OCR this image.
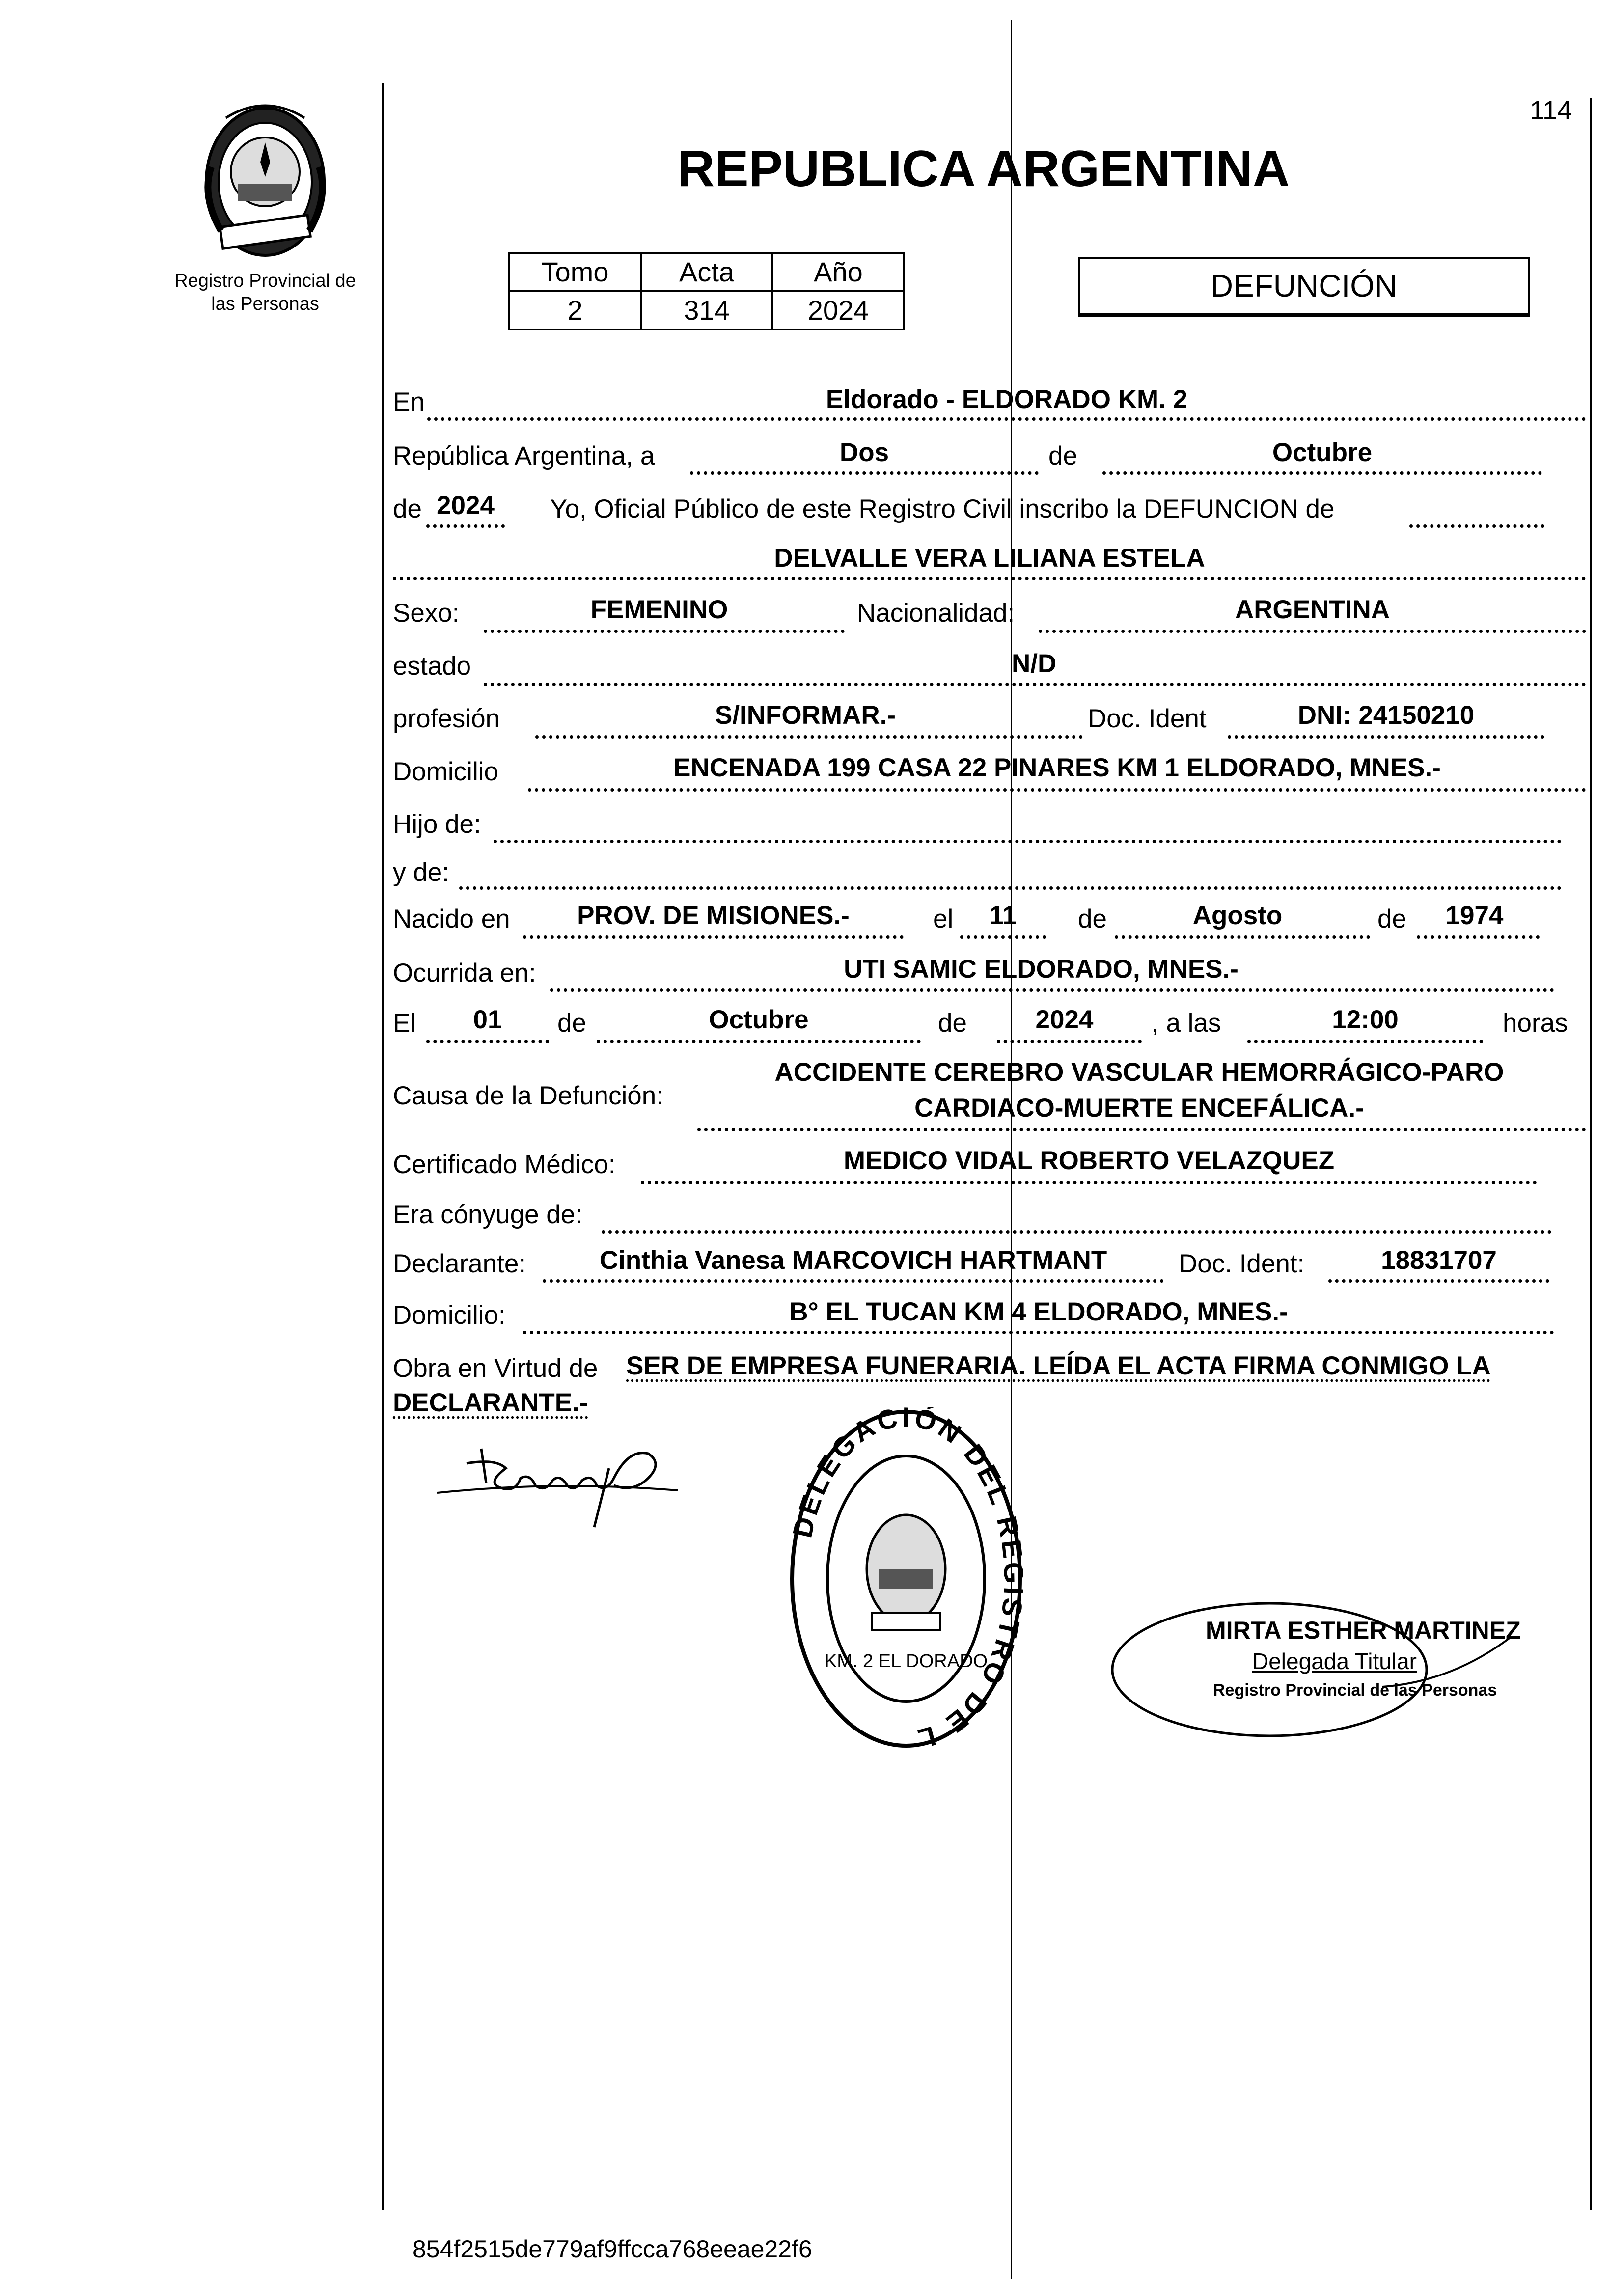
Registro Provincial de
las Personas
114
REPUBLICA ARGENTINA
Tomo	Acta	Año
2	314	2024
DEFUNCIÓN
En	Eldorado - ELDORADO KM. 2
República Argentina, a	Dos	de	Octubre
de 2024	Yo, Oficial Público de este Registro Civil inscribo la DEFUNCION de
DELVALLE VERA LILIANA ESTELA
Sexo:	FEMENINO	Nacionalidad:	ARGENTINA
estado	N/D
profesión	S/INFORMAR.-	Doc. Ident	DNI: 24150210
Domicilio	ENCENADA 199 CASA 22 PINARES KM 1 ELDORADO, MNES.-
Hijo de:
y de:
Nacido en	PROV. DE MISIONES.-	el	11	de	Agosto	de	1974
Ocurrida en:	UTI SAMIC ELDORADO, MNES.-
El	01	de	Octubre	de	2024	, a las	12:00	horas
Causa de la Defunción:
ACCIDENTE CEREBRO VASCULAR HEMORRÁGICO-PARO
CARDIACO-MUERTE ENCEFÁLICA.-
Certificado Médico:	MEDICO VIDAL ROBERTO VELAZQUEZ
Era cónyuge de:
Declarante:	Cinthia Vanesa MARCOVICH HARTMANT	Doc. Ident:	18831707
Domicilio:	B° EL TUCAN KM 4 ELDORADO, MNES.-
Obra en Virtud de SER DE EMPRESA FUNERARIA. LEÍDA EL ACTA FIRMA CONMIGO LA
DECLARANTE.-
DELEGACIÓN DEL R TRO DE L
KM. 2 EL DORADO
MIRTA ESTHER MARTINEZ
Delegada Titular
Registro Provincial de las Personas
854f2515de779af9ffcca768eeae22f6
